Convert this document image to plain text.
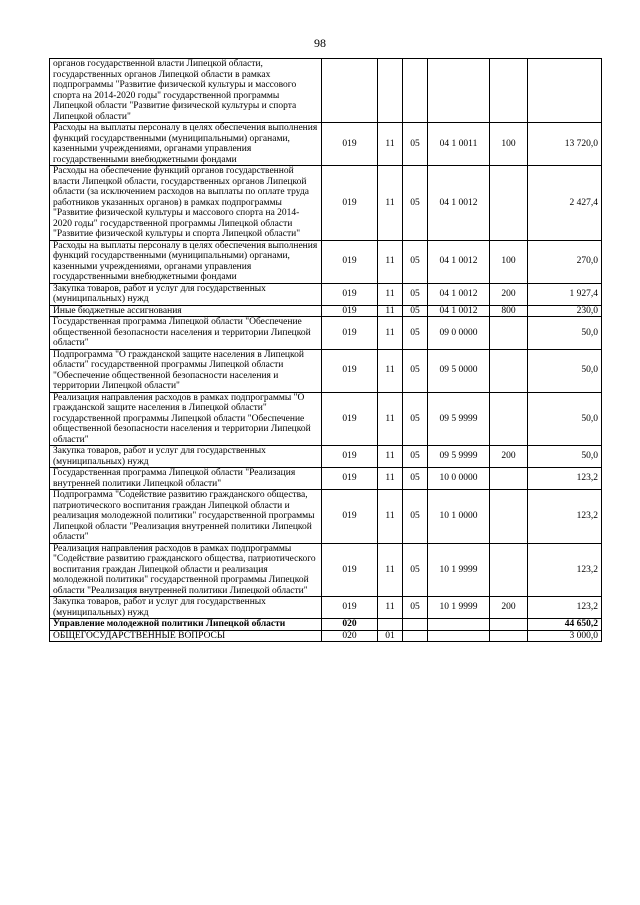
98
органов государственной власти Липецкой области, государственных органов Липецкой области в рамках подпрограммы "Развитие физической культуры и массового спорта на 2014-2020 годы" государственной программы Липецкой области "Развитие физической культуры и спорта Липецкой области"						
Расходы на выплаты персоналу в целях обеспечения выполнения функций государственными (муниципальными) органами, казенными учреждениями, органами управления государственными внебюджетными фондами	019	11	05	04 1 0011	100	13 720,0
Расходы на обеспечение функций органов государственной власти Липецкой области, государственных органов Липецкой области (за исключением расходов на выплаты по оплате труда работников указанных органов) в рамках подпрограммы "Развитие физической культуры и массового спорта на 2014-2020 годы" государственной программы Липецкой области "Развитие физической культуры и спорта Липецкой области"	019	11	05	04 1 0012		2 427,4
Расходы на выплаты персоналу в целях обеспечения выполнения функций государственными (муниципальными) органами, казенными учреждениями, органами управления государственными внебюджетными фондами	019	11	05	04 1 0012	100	270,0
Закупка товаров, работ и услуг для государственных (муниципальных) нужд	019	11	05	04 1 0012	200	1 927,4
Иные бюджетные ассигнования	019	11	05	04 1 0012	800	230,0
Государственная программа Липецкой области "Обеспечение общественной безопасности населения и территории Липецкой области"	019	11	05	09 0 0000		50,0
Подпрограмма "О гражданской защите населения в Липецкой области" государственной программы Липецкой области "Обеспечение общественной безопасности населения и территории Липецкой области"	019	11	05	09 5 0000		50,0
Реализация направления расходов в рамках подпрограммы "О гражданской защите населения в Липецкой области" государственной программы Липецкой области "Обеспечение общественной безопасности населения и территории Липецкой области"	019	11	05	09 5 9999		50,0
Закупка товаров, работ и услуг для государственных (муниципальных) нужд	019	11	05	09 5 9999	200	50,0
Государственная программа Липецкой области "Реализация внутренней политики Липецкой области"	019	11	05	10 0 0000		123,2
Подпрограмма "Содействие развитию гражданского общества, патриотического воспитания граждан Липецкой области и реализация молодежной политики" государственной программы Липецкой области "Реализация внутренней политики Липецкой области"	019	11	05	10 1 0000		123,2
Реализация направления расходов в рамках подпрограммы "Содействие развитию гражданского общества, патриотического воспитания граждан Липецкой области и реализация молодежной политики" государственной программы Липецкой области "Реализация внутренней политики Липецкой области"	019	11	05	10 1 9999		123,2
Закупка товаров, работ и услуг для государственных (муниципальных) нужд	019	11	05	10 1 9999	200	123,2
Управление молодежной политики Липецкой области	020					44 650,2
ОБЩЕГОСУДАРСТВЕННЫЕ ВОПРОСЫ	020	01				3 000,0
